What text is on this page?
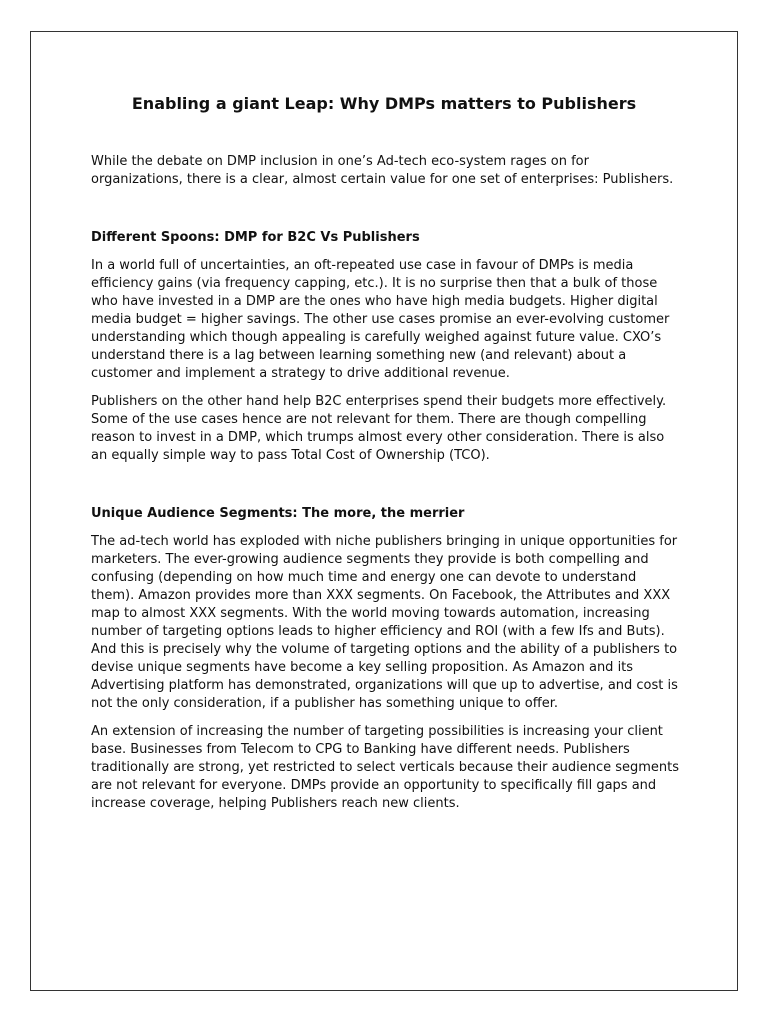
Enabling a giant Leap: Why DMPs matters to Publishers

While the debate on DMP inclusion in one’s Ad-tech eco-system rages on for organizations, there is a clear, almost certain value for one set of enterprises: Publishers.

Different Spoons: DMP for B2C Vs Publishers

In a world full of uncertainties, an oft-repeated use case in favour of DMPs is media efficiency gains (via frequency capping, etc.). It is no surprise then that a bulk of those who have invested in a DMP are the ones who have high media budgets. Higher digital media budget = higher savings. The other use cases promise an ever-evolving customer understanding which though appealing is carefully weighed against future value. CXO’s understand there is a lag between learning something new (and relevant) about a customer and implement a strategy to drive additional revenue.

Publishers on the other hand help B2C enterprises spend their budgets more effectively. Some of the use cases hence are not relevant for them. There are though compelling reason to invest in a DMP, which trumps almost every other consideration. There is also an equally simple way to pass Total Cost of Ownership (TCO).

Unique Audience Segments: The more, the merrier

The ad-tech world has exploded with niche publishers bringing in unique opportunities for marketers. The ever-growing audience segments they provide is both compelling and confusing (depending on how much time and energy one can devote to understand them). Amazon provides more than XXX segments. On Facebook, the Attributes and XXX map to almost XXX segments. With the world moving towards automation, increasing number of targeting options leads to higher efficiency and ROI (with a few Ifs and Buts). And this is precisely why the volume of targeting options and the ability of a publishers to devise unique segments have become a key selling proposition. As Amazon and its Advertising platform has demonstrated, organizations will que up to advertise, and cost is not the only consideration, if a publisher has something unique to offer.

An extension of increasing the number of targeting possibilities is increasing your client base. Businesses from Telecom to CPG to Banking have different needs. Publishers traditionally are strong, yet restricted to select verticals because their audience segments are not relevant for everyone. DMPs provide an opportunity to specifically fill gaps and increase coverage, helping Publishers reach new clients.
